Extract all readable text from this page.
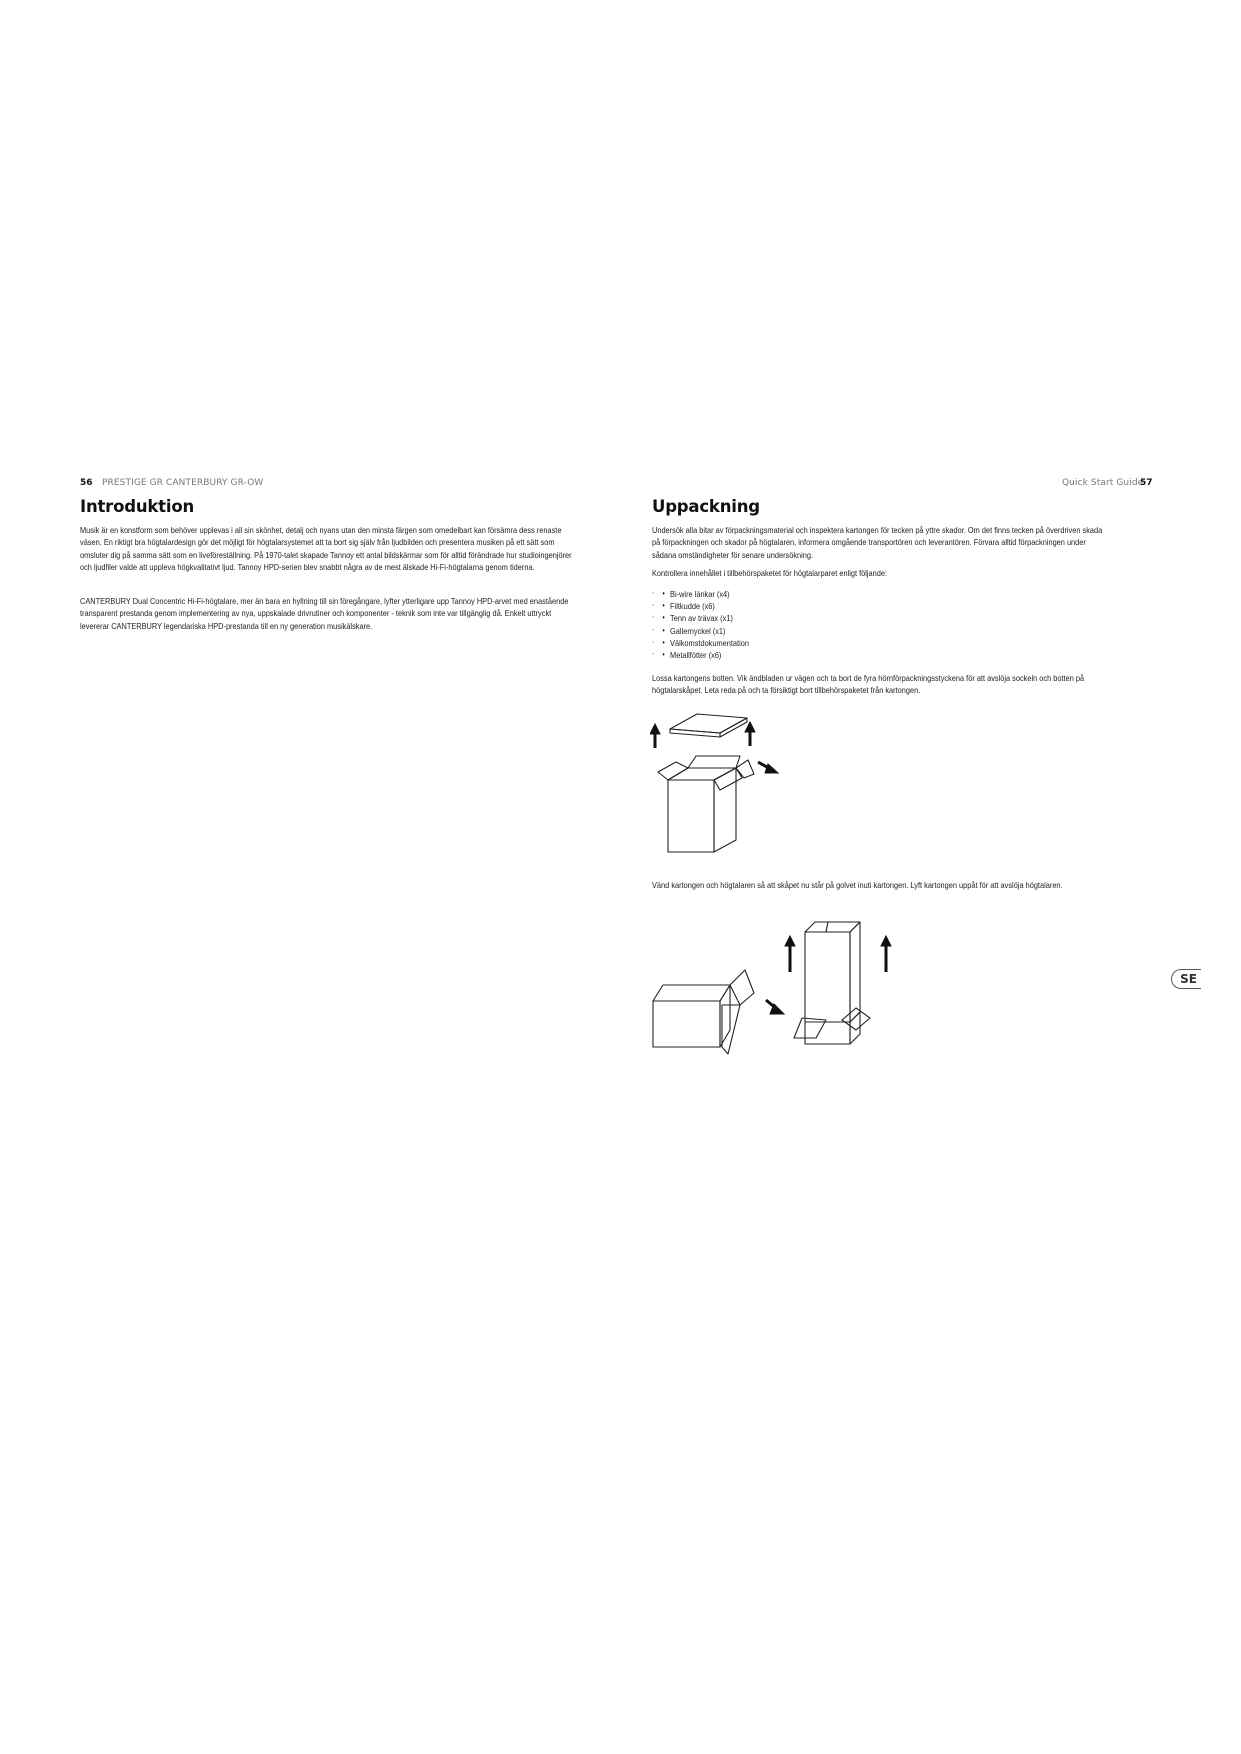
56 PRESTIGE GR CANTERBURY GR-OW
Introduktion

Musik är en konstform som behöver upplevas i all sin skönhet, detalj och nyans utan den minsta färgen som omedelbart kan försämra dess renaste väsen. En riktigt bra högtalardesign gör det möjligt för högtalarsystemet att ta bort sig själv från ljudbilden och presentera musiken på ett sätt som omsluter dig på samma sätt som en liveföreställning. På 1970-talet skapade Tannoy ett antal bildskärmar som för alltid förändrade hur studioingenjörer och ljudfiler valde att uppleva högkvalitativt ljud. Tannoy HPD-serien blev snabbt några av de mest älskade Hi-Fi-högtalarna genom tiderna.

CANTERBURY Dual Concentric Hi-Fi-högtalare, mer än bara en hyllning till sin föregångare, lyfter ytterligare upp Tannoy HPD-arvet med enastående transparent prestanda genom implementering av nya, uppskalade drivrutiner och komponenter - teknik som inte var tillgänglig då. Enkelt uttryckt levererar CANTERBURY legendariska HPD-prestanda till en ny generation musikälskare.

Quick Start Guide
57
Uppackning

Undersök alla bitar av förpackningsmaterial och inspektera kartongen för tecken på yttre skador. Om det finns tecken på överdriven skada på förpackningen och skador på högtalaren, informera omgående transportören och leverantören. Förvara alltid förpackningen under sådana omständigheter för senare undersökning.

Kontrollera innehållet i tillbehörspaketet för högtalarparet enligt följande:

◦	• Bi-wire länkar (x4)
◦	• Filtkudde (x6)
◦	• Tenn av trävax (x1)
◦	• Gallernyckel (x1)
◦	• Välkomstdokumentation
◦	• Metallfötter (x6)

Lossa kartongens botten. Vik ändbladen ur vägen och ta bort de fyra hörnförpackningsstyckena för att avslöja sockeln och botten på högtalarskåpet. Leta reda på och ta försiktigt bort tillbehörspaketet från kartongen.

Vänd kartongen och högtalaren så att skåpet nu står på golvet inuti kartongen. Lyft kartongen uppåt för att avslöja högtalaren.

SE
